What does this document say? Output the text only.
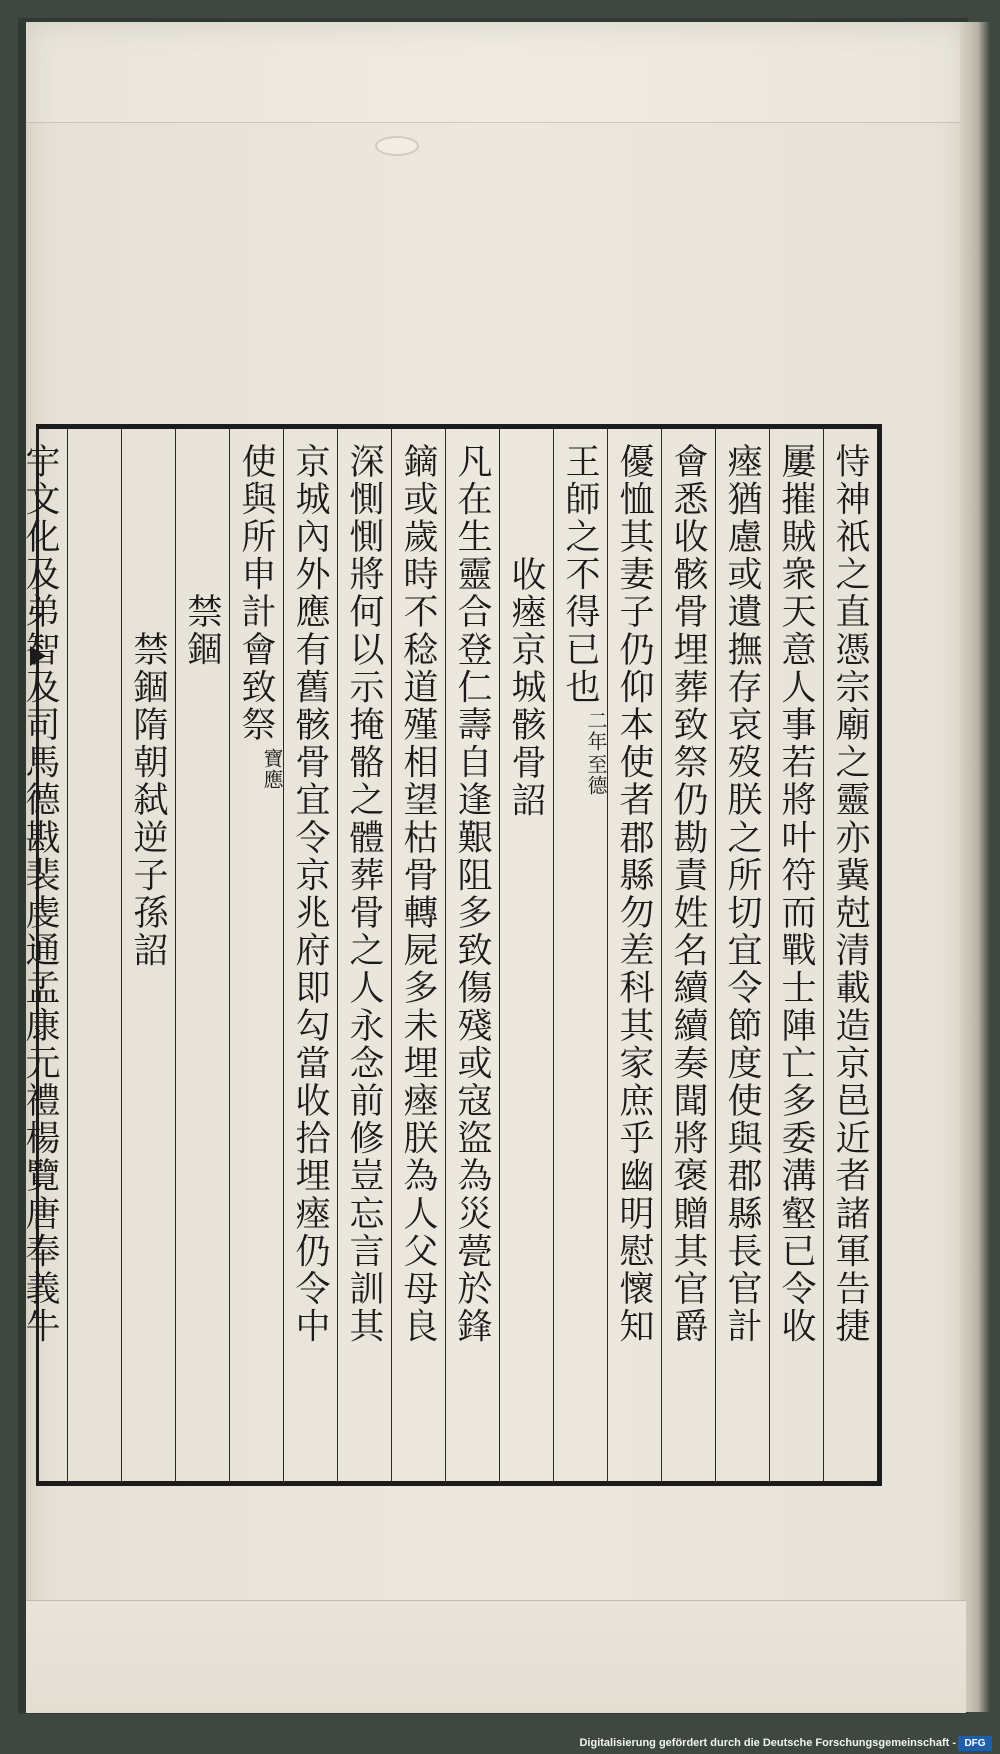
恃神祇之直憑宗廟之靈亦冀尅清載造京邑近者諸軍告捷
屢摧賊衆天意人事若將叶符而戰士陣亡多委溝壑已令收
瘞猶慮或遺撫存哀歿朕之所切宜令節度使與郡縣長官計
會悉收骸骨埋葬致祭仍勘責姓名續續奏聞將褒贈其官爵
優恤其妻子仍仰本使者郡縣勿差科其家庶乎幽明慰懷知
王師之不得已也
至德
二年
收瘞京城骸骨詔
凡在生靈合登仁壽自逢艱阻多致傷殘或寇盜為災甍於鋒
鏑或歲時不稔道殣相望枯骨轉屍多未埋瘞朕為人父母良
深惻惻將何以示掩骼之體葬骨之人永念前修豈忘言訓其
京城內外應有舊骸骨宜令京兆府即勾當收拾埋瘞仍令中
使與所申計會致祭
寶應
禁錮
禁錮隋朝弑逆子孫詔
宇文化及弟智及司馬德戡裴虔通孟康元禮楊覽唐奉義牛
Digitalisierung gefördert durch die Deutsche Forschungsgemeinschaft - DFG
